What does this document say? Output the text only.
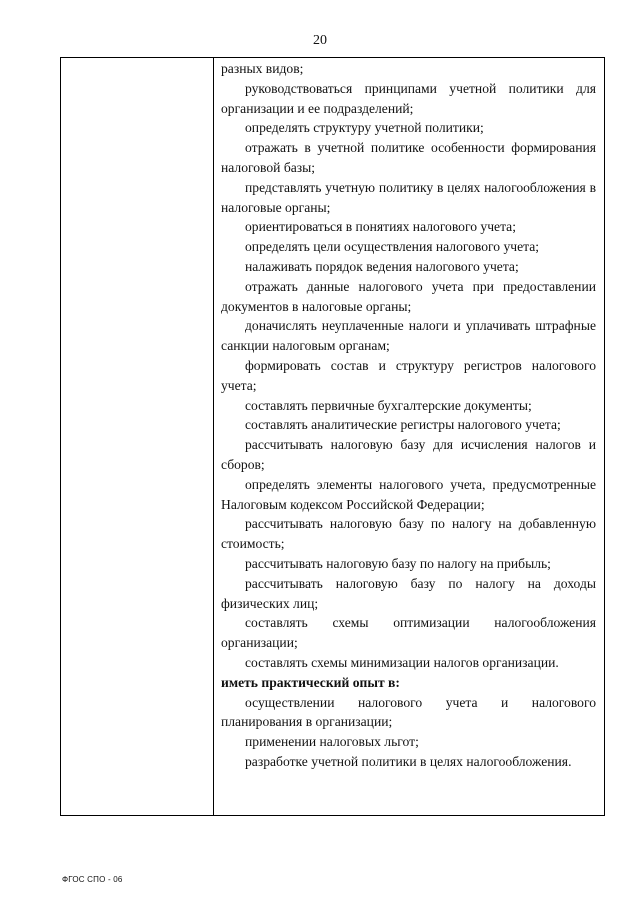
20

разных видов;

руководствоваться принципами учетной политики для организации и ее подразделений;

определять структуру учетной политики;

отражать в учетной политике особенности формирования налоговой базы;

представлять учетную политику в целях налогообложения в налоговые органы;

ориентироваться в понятиях налогового учета;

определять цели осуществления налогового учета;

налаживать порядок ведения налогового учета;

отражать данные налогового учета при предоставлении документов в налоговые органы;

доначислять неуплаченные налоги и уплачивать штрафные санкции налоговым органам;

формировать состав и структуру регистров налогового учета;

составлять первичные бухгалтерские документы;

составлять аналитические регистры налогового учета;

рассчитывать налоговую базу для исчисления налогов и сборов;

определять элементы налогового учета, предусмотренные Налоговым кодексом Российской Федерации;

рассчитывать налоговую базу по налогу на добавленную стоимость;

рассчитывать налоговую базу по налогу на прибыль;

рассчитывать налоговую базу по налогу на доходы физических лиц;

составлять схемы оптимизации налогообложения организации;

составлять схемы минимизации налогов организации.

иметь практический опыт в:

осуществлении налогового учета и налогового планирования в организации;

применении налоговых льгот;

разработке учетной политики в целях налогообложения.

ФГОС СПО - 06
